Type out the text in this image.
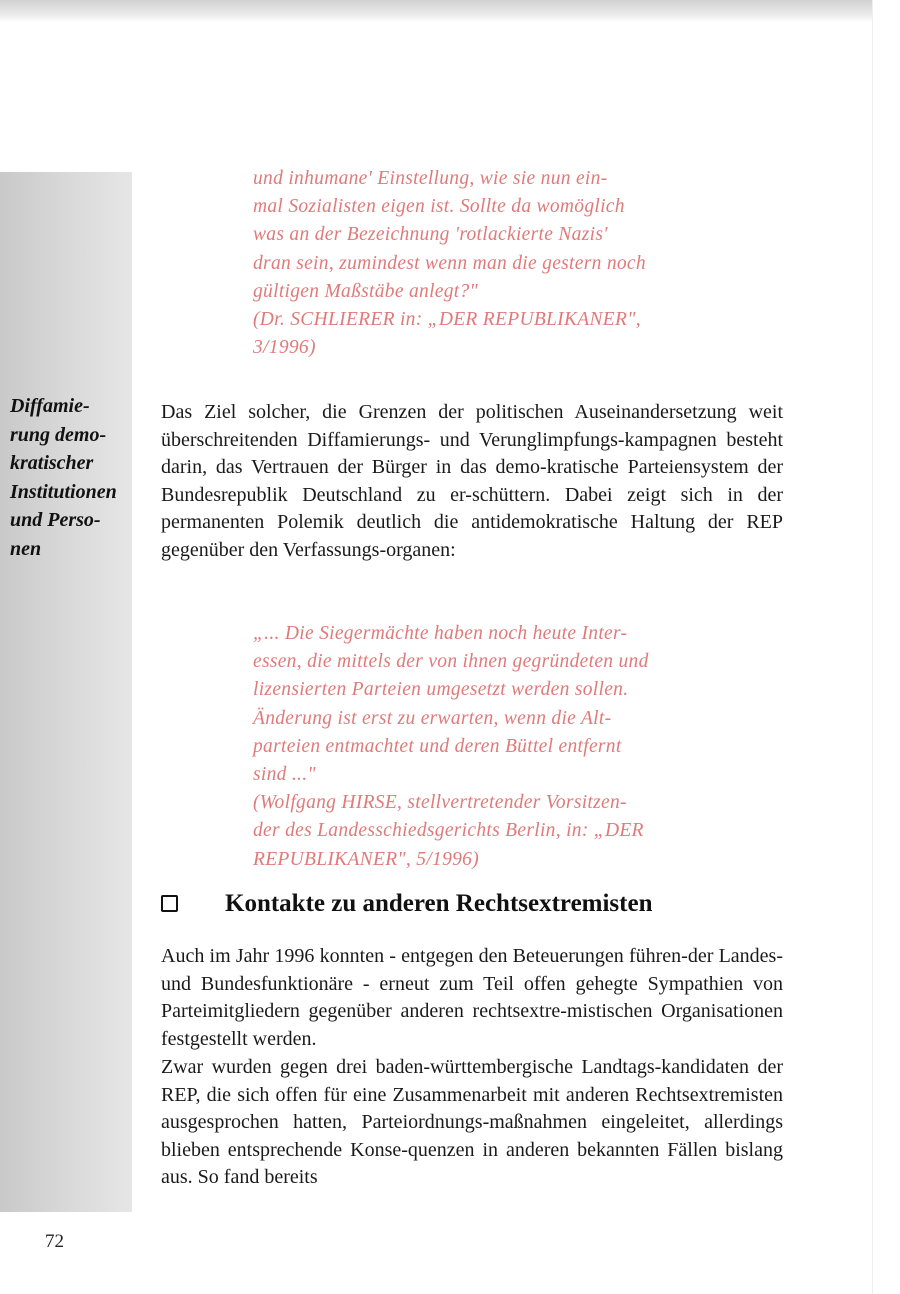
und inhumane' Einstellung, wie sie nun ein-
mal Sozialisten eigen ist. Sollte da womöglich
was an der Bezeichnung 'rotlackierte Nazis'
dran sein, zumindest wenn man die gestern noch
gültigen Maßstäbe anlegt?"
(Dr. SCHLIERER in: „DER REPUBLIKANER",
3/1996)
Diffamie-
rung demo-
kratischer
Institutionen
und Perso-
nen
Das Ziel solcher, die Grenzen der politischen Auseinandersetzung weit überschreitenden Diffamierungs- und Verunglimpfungs-kampagnen besteht darin, das Vertrauen der Bürger in das demo-kratische Parteiensystem der Bundesrepublik Deutschland zu er-schüttern. Dabei zeigt sich in der permanenten Polemik deutlich die antidemokratische Haltung der REP gegenüber den Verfassungs-organen:
„... Die Siegermächte haben noch heute Inter-
essen, die mittels der von ihnen gegründeten und
lizensierten Parteien umgesetzt werden sollen.
Änderung ist erst zu erwarten, wenn die Alt-
parteien entmachtet und deren Büttel entfernt
sind ..."
(Wolfgang HIRSE, stellvertretender Vorsitzen-
der des Landesschiedsgerichts Berlin, in: „DER
REPUBLIKANER", 5/1996)
Kontakte zu anderen Rechtsextremisten
Auch im Jahr 1996 konnten - entgegen den Beteuerungen führen-der Landes- und Bundesfunktionäre - erneut zum Teil offen gehegte Sympathien von Parteimitgliedern gegenüber anderen rechtsextre-mistischen Organisationen festgestellt werden.
Zwar wurden gegen drei baden-württembergische Landtags-kandidaten der REP, die sich offen für eine Zusammenarbeit mit anderen Rechtsextremisten ausgesprochen hatten, Parteiordnungs-maßnahmen eingeleitet, allerdings blieben entsprechende Konse-quenzen in anderen bekannten Fällen bislang aus. So fand bereits
72
